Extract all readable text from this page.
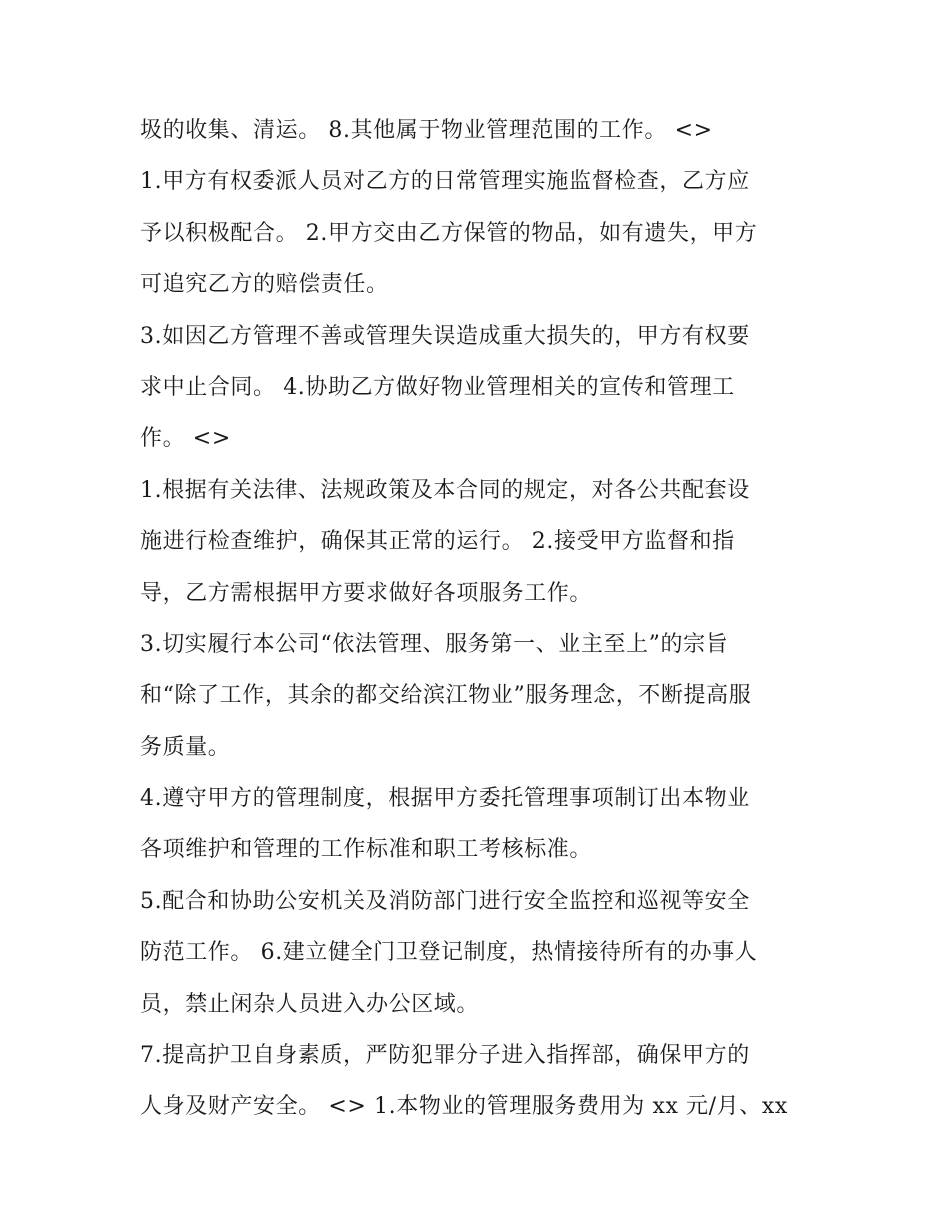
圾的收集、清运。 8.其他属于物业管理范围的工作。 <>
1.甲方有权委派人员对乙方的日常管理实施监督检查，乙方应
予以积极配合。 2.甲方交由乙方保管的物品，如有遗失，甲方
可追究乙方的赔偿责任。
3.如因乙方管理不善或管理失误造成重大损失的，甲方有权要
求中止合同。 4.协助乙方做好物业管理相关的宣传和管理工
作。 <>
1.根据有关法律、法规政策及本合同的规定，对各公共配套设
施进行检查维护，确保其正常的运行。 2.接受甲方监督和指
导，乙方需根据甲方要求做好各项服务工作。
3.切实履行本公司“依法管理、服务第一、业主至上”的宗旨
和“除了工作，其余的都交给滨江物业”服务理念，不断提高服
务质量。
4.遵守甲方的管理制度，根据甲方委托管理事项制订出本物业
各项维护和管理的工作标准和职工考核标准。
5.配合和协助公安机关及消防部门进行安全监控和巡视等安全
防范工作。 6.建立健全门卫登记制度，热情接待所有的办事人
员，禁止闲杂人员进入办公区域。
7.提高护卫自身素质，严防犯罪分子进入指挥部，确保甲方的
人身及财产安全。 <> 1.本物业的管理服务费用为 xx 元/月、xx
